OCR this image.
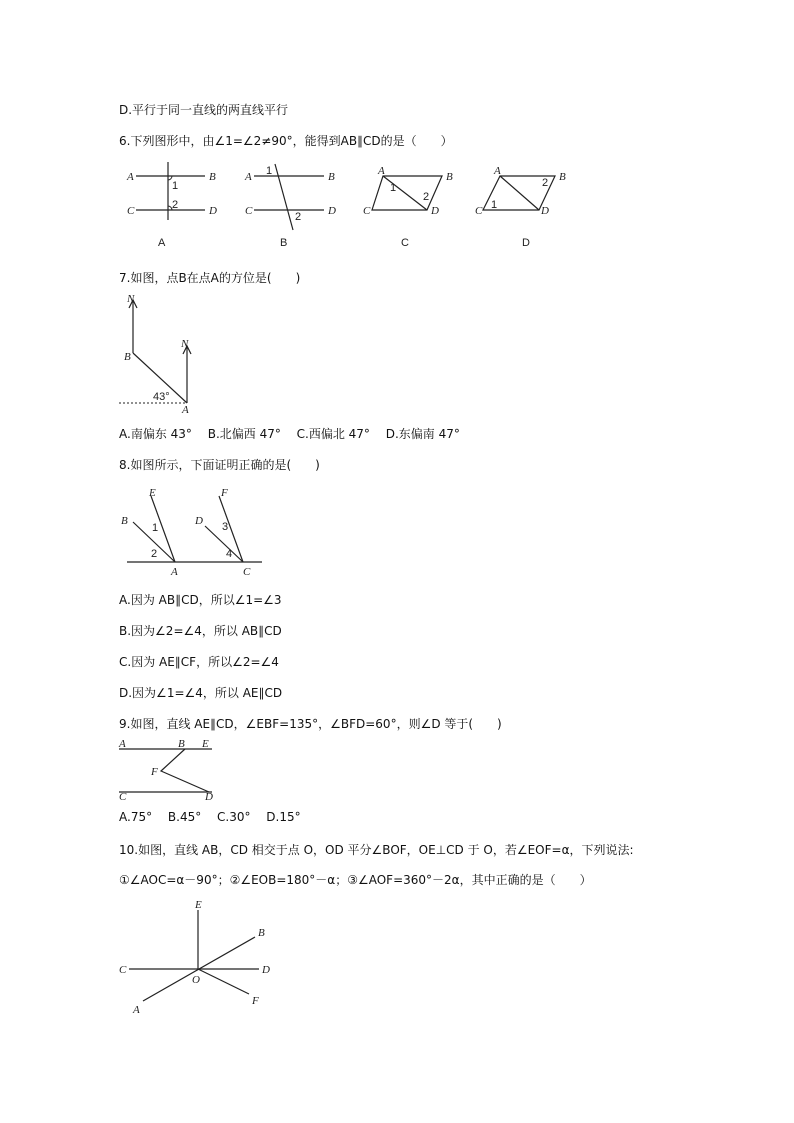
D.平行于同一直线的两直线平行
6.下列图形中，由∠1=∠2≠90°，能得到AB∥CD的是（　　）
A	B
C	D
1
2
A	B
C	D
1
2
A	B
C	D
1
2
A	B
C	D
1
2
A	B	C	D
7.如图，点B在点A的方位是(　　)
N
N
B
A
43°
A.南偏东 43°　 B.北偏西 47°　 C.西偏北 47°　 D.东偏南 47°
8.如图所示，下面证明正确的是(　　)
E
B
A
F
D
C
1
2
3
4
A.因为 AB∥CD，所以∠1=∠3
B.因为∠2=∠4，所以 AB∥CD
C.因为 AE∥CF，所以∠2=∠4
D.因为∠1=∠4，所以 AE∥CD
9.如图，直线 AE∥CD，∠EBF=135°，∠BFD=60°，则∠D 等于(　　)
A	B E
F
C	D
A.75°　 B.45°　 C.30°　 D.15°
10.如图，直线 AB，CD 相交于点 O，OD 平分∠BOF，OE⊥CD 于 O，若∠EOF=α，下列说法:
①∠AOC=α－90°；②∠EOB=180°－α；③∠AOF=360°－2α，其中正确的是（　　）
E
B
C
O
D
A
F
